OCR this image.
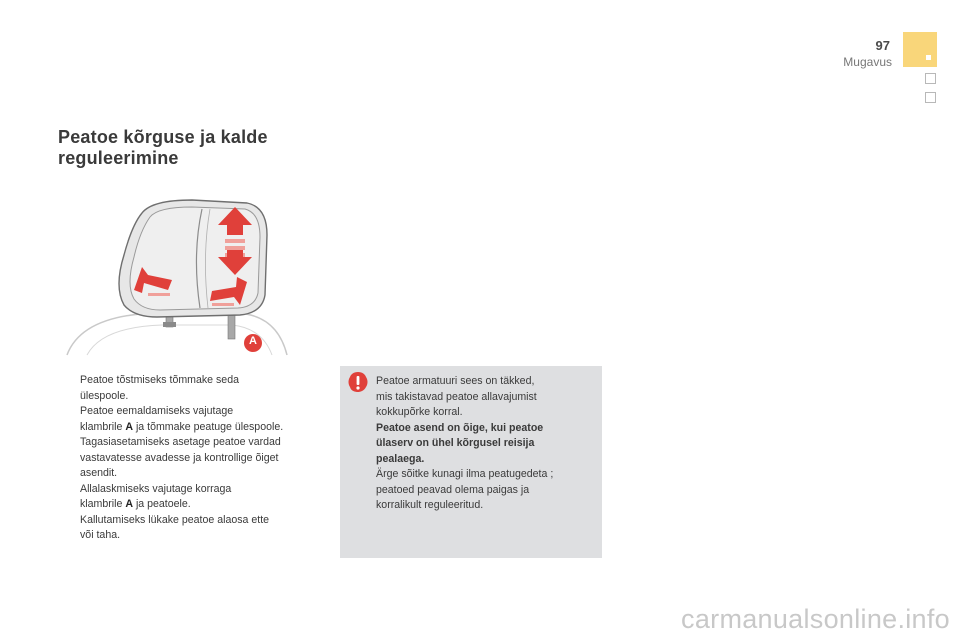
97
Mugavus
Peatoe kõrguse ja kalde
reguleerimine
A
Peatoe tõstmiseks tõmmake seda
ülespoole.
Peatoe eemaldamiseks vajutage
klambrile A ja tõmmake peatuge ülespoole.
Tagasiasetamiseks asetage peatoe vardad
vastavatesse avadesse ja kontrollige õiget
asendit.
Allalaskmiseks vajutage korraga
klambrile A ja peatoele.
Kallutamiseks lükake peatoe alaosa ette
või taha.

Peatoe armatuuri sees on täkked,
mis takistavad peatoe allavajumist
kokkupõrke korral.
Peatoe asend on õige, kui peatoe
ülaserv on ühel kõrgusel reisija
pealaega.
Ärge sõitke kunagi ilma peatugedeta ;
peatoed peavad olema paigas ja
korralikult reguleeritud.

carmanualsonline.info
